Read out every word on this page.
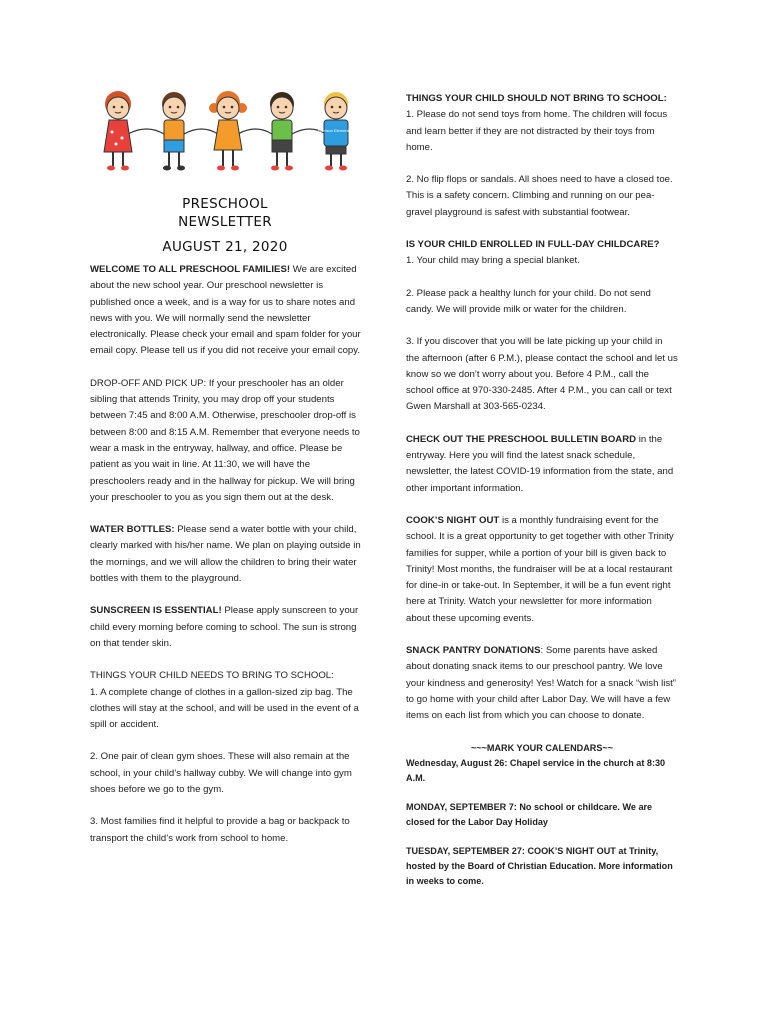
Harrison Elementary

PRESCHOOL NEWSLETTER

AUGUST 21, 2020

WELCOME TO ALL PRESCHOOL FAMILIES! We are excited about the new school year. Our preschool newsletter is published once a week, and is a way for us to share notes and news with you. We will normally send the newsletter electronically. Please check your email and spam folder for your email copy. Please tell us if you did not receive your email copy.

DROP-OFF AND PICK UP: If your preschooler has an older sibling that attends Trinity, you may drop off your students between 7:45 and 8:00 A.M. Otherwise, preschooler drop-off is between 8:00 and 8:15 A.M. Remember that everyone needs to wear a mask in the entryway, hallway, and office. Please be patient as you wait in line. At 11:30, we will have the preschoolers ready and in the hallway for pickup. We will bring your preschooler to you as you sign them out at the desk.

WATER BOTTLES: Please send a water bottle with your child, clearly marked with his/her name. We plan on playing outside in the mornings, and we will allow the children to bring their water bottles with them to the playground.

SUNSCREEN IS ESSENTIAL! Please apply sunscreen to your child every morning before coming to school. The sun is strong on that tender skin.

THINGS YOUR CHILD NEEDS TO BRING TO SCHOOL:

1. A complete change of clothes in a gallon-sized zip bag. The clothes will stay at the school, and will be used in the event of a spill or accident.

2. One pair of clean gym shoes. These will also remain at the school, in your child’s hallway cubby. We will change into gym shoes before we go to the gym.

3. Most families find it helpful to provide a bag or backpack to transport the child’s work from school to home.

THINGS YOUR CHILD SHOULD NOT BRING TO SCHOOL:

1. Please do not send toys from home. The children will focus and learn better if they are not distracted by their toys from home.

2. No flip flops or sandals. All shoes need to have a closed toe. This is a safety concern. Climbing and running on our pea-gravel playground is safest with substantial footwear.

IS YOUR CHILD ENROLLED IN FULL-DAY CHILDCARE?

1. Your child may bring a special blanket.

2. Please pack a healthy lunch for your child. Do not send candy. We will provide milk or water for the children.

3. If you discover that you will be late picking up your child in the afternoon (after 6 P.M.), please contact the school and let us know so we don’t worry about you. Before 4 P.M., call the school office at 970-330-2485. After 4 P.M., you can call or text Gwen Marshall at 303-565-0234.

CHECK OUT THE PRESCHOOL BULLETIN BOARD in the entryway. Here you will find the latest snack schedule, newsletter, the latest COVID-19 information from the state, and other important information.

COOK’S NIGHT OUT is a monthly fundraising event for the school. It is a great opportunity to get together with other Trinity families for supper, while a portion of your bill is given back to Trinity! Most months, the fundraiser will be at a local restaurant for dine-in or take-out. In September, it will be a fun event right here at Trinity. Watch your newsletter for more information about these upcoming events.

SNACK PANTRY DONATIONS: Some parents have asked about donating snack items to our preschool pantry. We love your kindness and generosity! Yes! Watch for a snack “wish list” to go home with your child after Labor Day. We will have a few items on each list from which you can choose to donate.

~~~MARK YOUR CALENDARS~~

Wednesday, August 26: Chapel service in the church at 8:30 A.M.

MONDAY, SEPTEMBER 7: No school or childcare. We are closed for the Labor Day Holiday

TUESDAY, SEPTEMBER 27: COOK’S NIGHT OUT at Trinity, hosted by the Board of Christian Education. More information in weeks to come.
